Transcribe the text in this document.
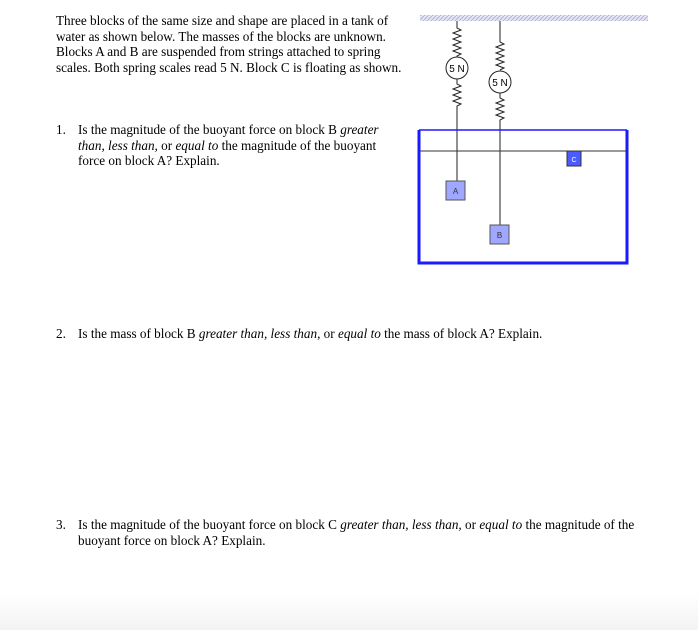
Three blocks of the same size and shape are placed in a tank of water as shown below. The masses of the blocks are unknown. Blocks A and B are suspended from strings attached to spring scales. Both spring scales read 5 N. Block C is floating as shown.
1. Is the magnitude of the buoyant force on block B greater than, less than, or equal to the magnitude of the buoyant force on block A? Explain.
2. Is the mass of block B greater than, less than, or equal to the mass of block A? Explain.
3. Is the magnitude of the buoyant force on block C greater than, less than, or equal to the magnitude of the buoyant force on block A? Explain.
5 N
5 N
A
B
C
